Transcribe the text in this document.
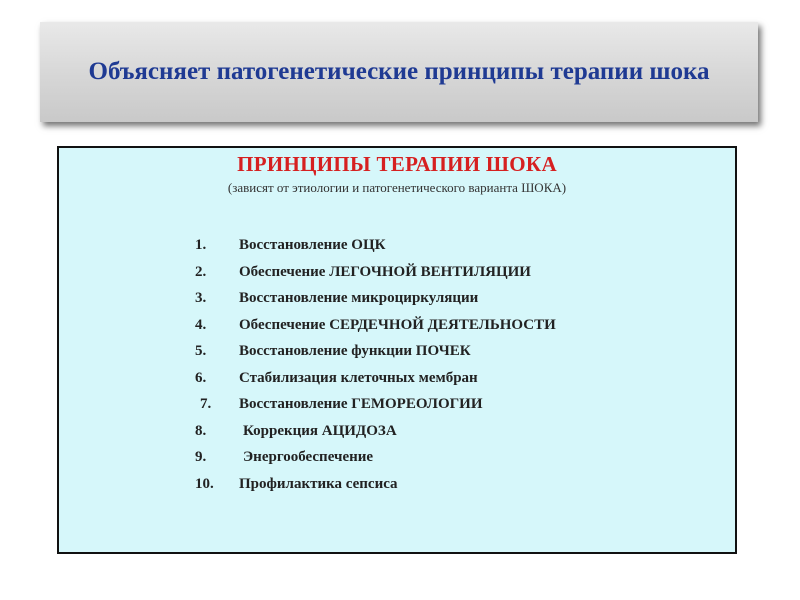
Объясняет патогенетические принципы терапии шока
ПРИНЦИПЫ ТЕРАПИИ ШОКА
(зависят от этиологии и патогенетического варианта ШОКА)
1.	Восстановление ОЦК
2.	Обеспечение ЛЕГОЧНОЙ ВЕНТИЛЯЦИИ
3.	Восстановление микроциркуляции
4.	Обеспечение СЕРДЕЧНОЙ ДЕЯТЕЛЬНОСТИ
5.	Восстановление функции ПОЧЕК
6.	Стабилизация клеточных мембран
7.	Восстановление ГЕМОРЕОЛОГИИ
8.	Коррекция АЦИДОЗА
9.	Энергообеспечение
10.	Профилактика сепсиса
